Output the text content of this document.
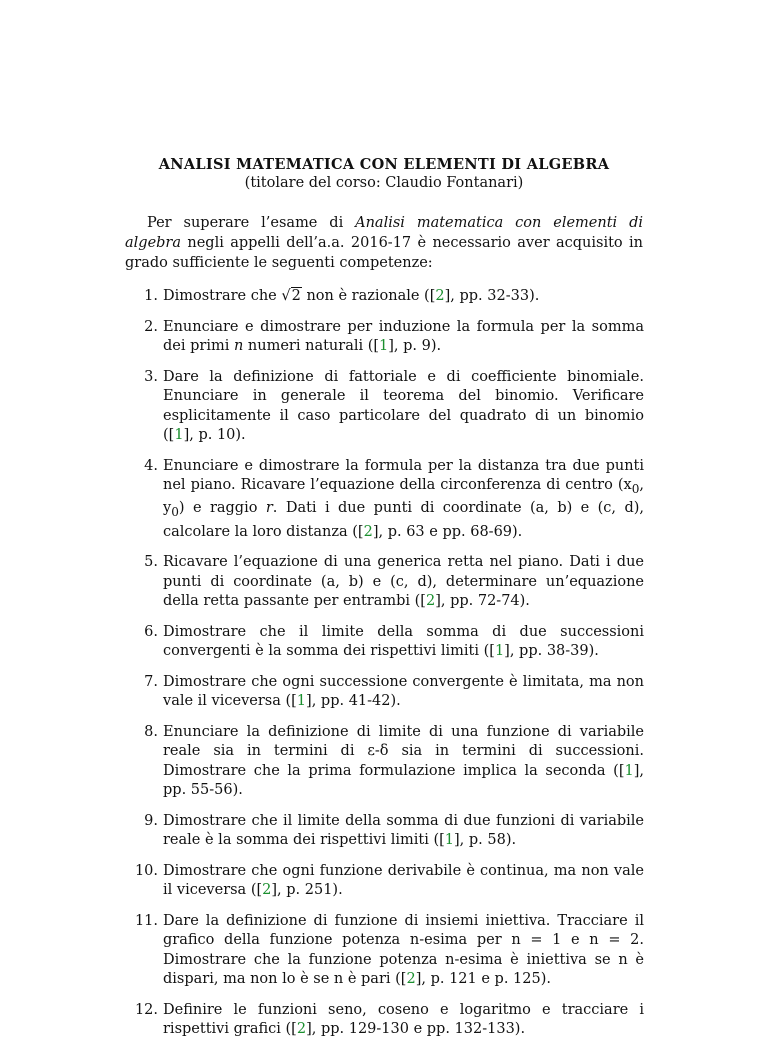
ANALISI MATEMATICA CON ELEMENTI DI ALGEBRA

(titolare del corso: Claudio Fontanari)

Per superare l’esame di Analisi matematica con elementi di algebra negli appelli dell’a.a. 2016-17 è necessario aver acquisito in grado sufficiente le seguenti competenze:

1. Dimostrare che √2 non è razionale ([2], pp. 32-33).
2. Enunciare e dimostrare per induzione la formula per la somma dei primi n numeri naturali ([1], p. 9).
3. Dare la definizione di fattoriale e di coefficiente binomiale. Enunciare in generale il teorema del binomio. Verificare esplicitamente il caso particolare del quadrato di un binomio ([1], p. 10).
4. Enunciare e dimostrare la formula per la distanza tra due punti nel piano. Ricavare l’equazione della circonferenza di centro ($x_0$, $y_0$) e raggio r. Dati i due punti di coordinate (a, b) e (c, d), calcolare la loro distanza ([2], p. 63 e pp. 68-69).
5. Ricavare l’equazione di una generica retta nel piano. Dati i due punti di coordinate (a, b) e (c, d), determinare un’equazione della retta passante per entrambi ([2], pp. 72-74).
6. Dimostrare che il limite della somma di due successioni convergenti è la somma dei rispettivi limiti ([1], pp. 38-39).
7. Dimostrare che ogni successione convergente è limitata, ma non vale il viceversa ([1], pp. 41-42).
8. Enunciare la definizione di limite di una funzione di variabile reale sia in termini di ε-δ sia in termini di successioni. Dimostrare che la prima formulazione implica la seconda ([1], pp. 55-56).
9. Dimostrare che il limite della somma di due funzioni di variabile reale è la somma dei rispettivi limiti ([1], p. 58).
10. Dimostrare che ogni funzione derivabile è continua, ma non vale il viceversa ([2], p. 251).
11. Dare la definizione di funzione di insiemi iniettiva. Tracciare il grafico della funzione potenza n-esima per n = 1 e n = 2. Dimostrare che la funzione potenza n-esima è iniettiva se n è dispari, ma non lo è se n è pari ([2], p. 121 e p. 125).
12. Definire le funzioni seno, coseno e logaritmo e tracciare i rispettivi grafici ([2], pp. 129-130 e pp. 132-133).
